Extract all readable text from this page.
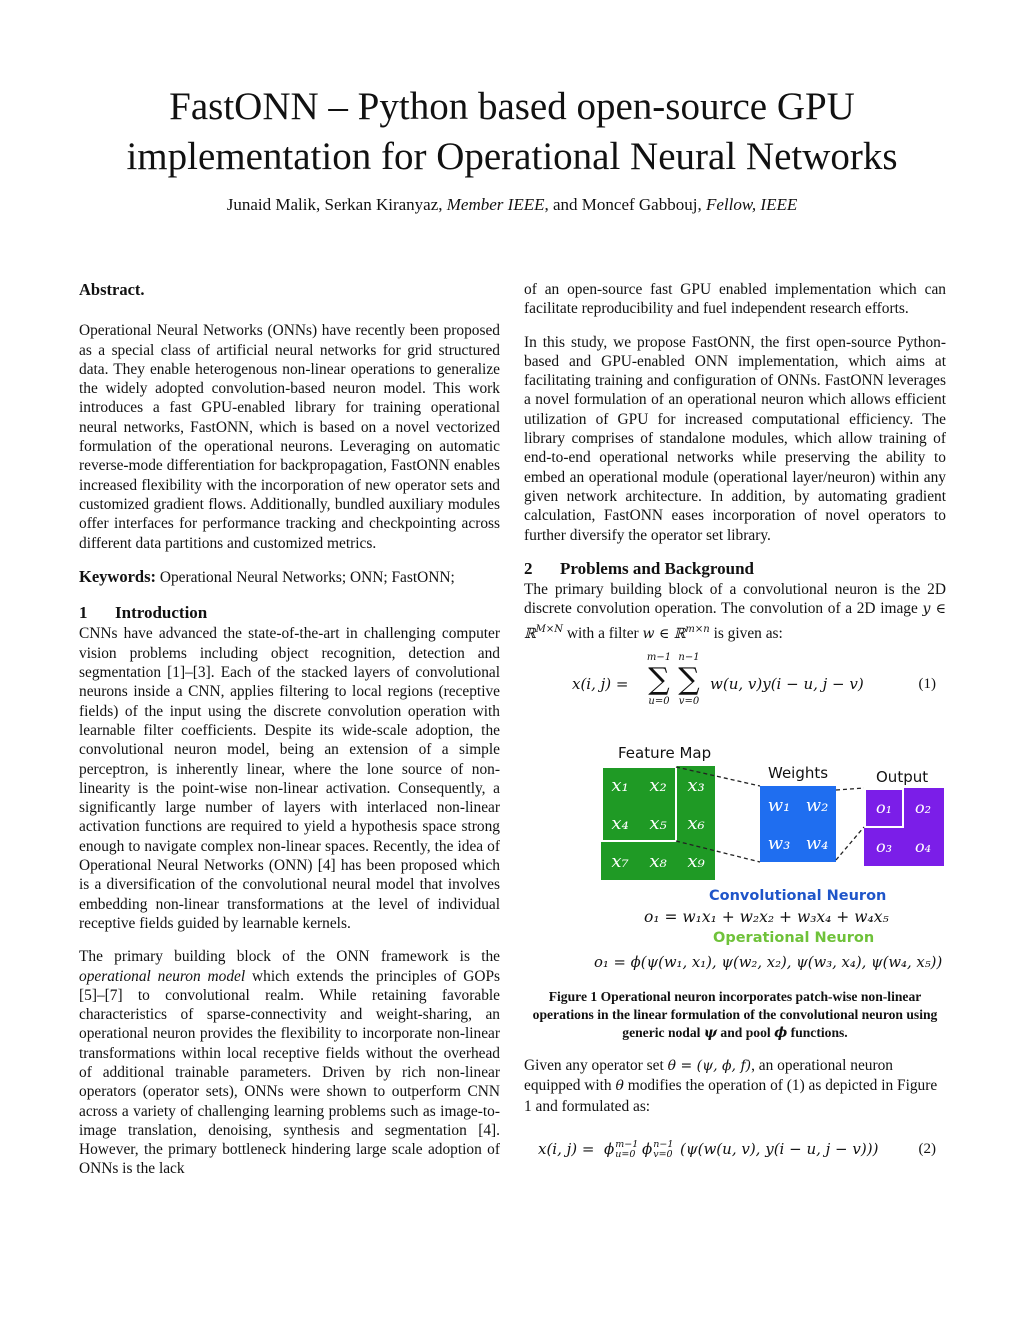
FastONN – Python based open-source GPU
implementation for Operational Neural Networks
Junaid Malik, Serkan Kiranyaz, Member IEEE, and Moncef Gabbouj, Fellow, IEEE
Abstract.

Operational Neural Networks (ONNs) have recently been proposed as a special class of artificial neural networks for grid structured data. They enable heterogenous non-linear operations to generalize the widely adopted convolution-based neuron model. This work introduces a fast GPU-enabled library for training operational neural networks, FastONN, which is based on a novel vectorized formulation of the operational neurons. Leveraging on automatic reverse-mode differentiation for backpropagation, FastONN enables increased flexibility with the incorporation of new operator sets and customized gradient flows. Additionally, bundled auxiliary modules offer interfaces for performance tracking and checkpointing across different data partitions and customized metrics.

Keywords: Operational Neural Networks; ONN; FastONN;
1 Introduction

CNNs have advanced the state-of-the-art in challenging computer vision problems including object recognition, detection and segmentation [1]–[3]. Each of the stacked layers of convolutional neurons inside a CNN, applies filtering to local regions (receptive fields) of the input using the discrete convolution operation with learnable filter coefficients. Despite its wide-scale adoption, the convolutional neuron model, being an extension of a simple perceptron, is inherently linear, where the lone source of non-linearity is the point-wise non-linear activation. Consequently, a significantly large number of layers with interlaced non-linear activation functions are required to yield a hypothesis space strong enough to navigate complex non-linear spaces. Recently, the idea of Operational Neural Networks (ONN) [4] has been proposed which is a diversification of the convolutional neural model that involves embedding non-linear transformations at the level of individual receptive fields guided by learnable kernels.

The primary building block of the ONN framework is the operational neuron model which extends the principles of GOPs [5]–[7] to convolutional realm. While retaining favorable characteristics of sparse-connectivity and weight-sharing, an operational neuron provides the flexibility to incorporate non-linear transformations within local receptive fields without the overhead of additional trainable parameters. Driven by rich non-linear operators (operator sets), ONNs were shown to outperform CNN across a variety of challenging learning problems such as image-to-image translation, denoising, synthesis and segmentation [4]. However, the primary bottleneck hindering large scale adoption of ONNs is the lack

of an open-source fast GPU enabled implementation which can facilitate reproducibility and fuel independent research efforts.

In this study, we propose FastONN, the first open-source Python-based and GPU-enabled ONN implementation, which aims at facilitating training and configuration of ONNs. FastONN leverages a novel formulation of an operational neuron which allows efficient utilization of GPU for increased computational efficiency. The library comprises of standalone modules, which allow training of end-to-end operational networks while preserving the ability to embed an operational module (operational layer/neuron) within any given network architecture. In addition, by automating gradient calculation, FastONN eases incorporation of novel operators to further diversify the operator set library.

2 Problems and Background

The primary building block of a convolutional neuron is the 2D discrete convolution operation. The convolution of a 2D image y ∈ ℝ$^{M\times N}$ with a filter w ∈ ℝ$^{m\times n}$ is given as:

x(i, j) =
m−1
∑
u=0
n−1
∑
v=0
w(u, v)y(i − u, j − v)	(1)
Feature Map
Weights	Output
x₁ x₂ x₃
x₄ x₅ x₆
x₇ x₈ x₉
w₁ w₂
w₃ w₄
o₁ o₂
o₃ o₄
Convolutional Neuron
o₁ = w₁x₁ + w₂x₂ + w₃x₄ + w₄x₅
Operational Neuron
o₁ = ϕ(ψ(w₁, x₁), ψ(w₂, x₂), ψ(w₃, x₄), ψ(w₄, x₅))
Figure 1 Operational neuron incorporates patch-wise non-linear operations in the linear formulation of the convolutional neuron using generic nodal ψ and pool ϕ functions.

Given any operator set θ = (ψ, ϕ, f), an operational neuron equipped with θ modifies the operation of (1) as depicted in Figure 1 and formulated as:

x(i, j) = ϕ m−1
u=0 ϕ n−1
v=0 (ψ(w(u, v), y(i − u, j − v)))	(2)
